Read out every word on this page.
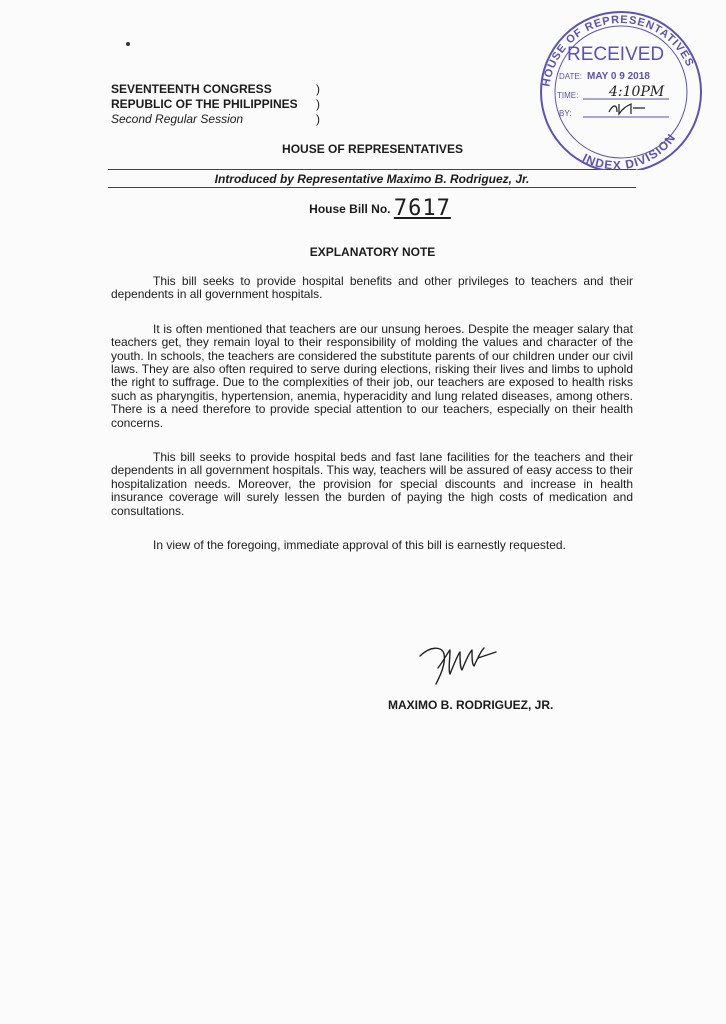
SEVENTEENTH CONGRESS	)
REPUBLIC OF THE PHILIPPINES	)
Second Regular Session	)
HOUSE OF REPRESENTATIVES
Introduced by Representative Maximo B. Rodriguez, Jr.
House Bill No. 7617
EXPLANATORY NOTE

This bill seeks to provide hospital benefits and other privileges to teachers and their dependents in all government hospitals.

It is often mentioned that teachers are our unsung heroes. Despite the meager salary that teachers get, they remain loyal to their responsibility of molding the values and character of the youth. In schools, the teachers are considered the substitute parents of our children under our civil laws. They are also often required to serve during elections, risking their lives and limbs to uphold the right to suffrage. Due to the complexities of their job, our teachers are exposed to health risks such as pharyngitis, hypertension, anemia, hyperacidity and lung related diseases, among others. There is a need therefore to provide special attention to our teachers, especially on their health concerns.

This bill seeks to provide hospital beds and fast lane facilities for the teachers and their dependents in all government hospitals. This way, teachers will be assured of easy access to their hospitalization needs. Moreover, the provision for special discounts and increase in health insurance coverage will surely lessen the burden of paying the high costs of medication and consultations.

In view of the foregoing, immediate approval of this bill is earnestly requested.

MAXIMO B. RODRIGUEZ, JR.
HOUSE OF REPRESENTATIVES
RECEIVED
DATE: MAY 0 9 2018
TIME: 4:10PM
BY:
INDEX DIVISION
